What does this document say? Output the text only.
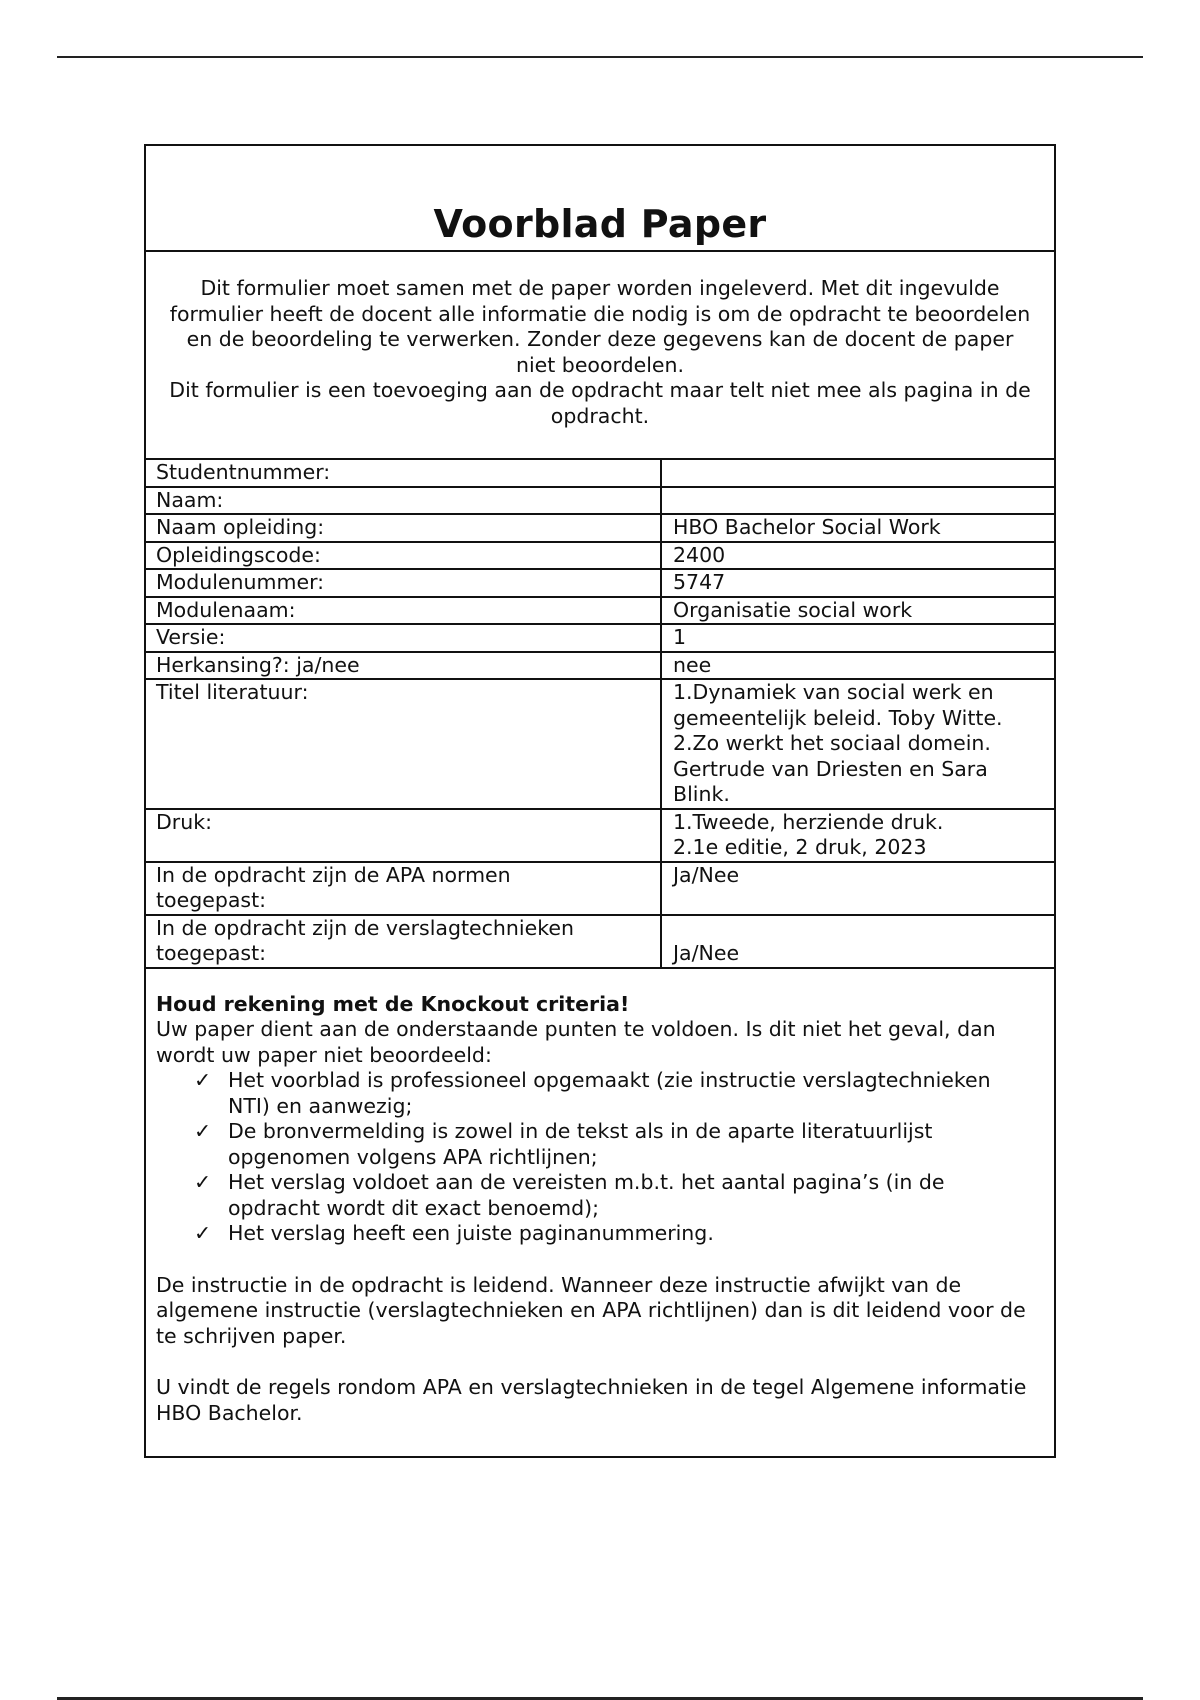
Voorblad Paper

Dit formulier moet samen met de paper worden ingeleverd. Met dit ingevulde formulier heeft de docent alle informatie die nodig is om de opdracht te beoordelen en de beoordeling te verwerken. Zonder deze gegevens kan de docent de paper niet beoordelen.

Dit formulier is een toevoeging aan de opdracht maar telt niet mee als pagina in de opdracht.

Studentnummer:	

Naam:	

Naam opleiding:	HBO Bachelor Social Work

Opleidingscode:	2400

Modulenummer:	5747

Modulenaam:	Organisatie social work

Versie:	1

Herkansing?: ja/nee	nee

Titel literatuur:	1.Dynamiek van social werk en
gemeentelijk beleid. Toby Witte.
2.Zo werkt het sociaal domein.
Gertrude van Driesten en Sara
Blink.

Druk:	1.Tweede, herziende druk.
2.1e editie, 2 druk, 2023

In de opdracht zijn de APA normen
toegepast:	Ja/Nee

In de opdracht zijn de verslagtechnieken
toegepast:	Ja/Nee
Houd rekening met de Knockout criteria!

Uw paper dient aan de onderstaande punten te voldoen. Is dit niet het geval, dan wordt uw paper niet beoordeeld:

✓ Het voorblad is professioneel opgemaakt (zie instructie verslagtechnieken NTI) en aanwezig;
✓ De bronvermelding is zowel in de tekst als in de aparte literatuurlijst opgenomen volgens APA richtlijnen;
✓ Het verslag voldoet aan de vereisten m.b.t. het aantal pagina’s (in de opdracht wordt dit exact benoemd);
✓ Het verslag heeft een juiste paginanummering.

De instructie in de opdracht is leidend. Wanneer deze instructie afwijkt van de algemene instructie (verslagtechnieken en APA richtlijnen) dan is dit leidend voor de te schrijven paper.

U vindt de regels rondom APA en verslagtechnieken in de tegel Algemene informatie HBO Bachelor.
